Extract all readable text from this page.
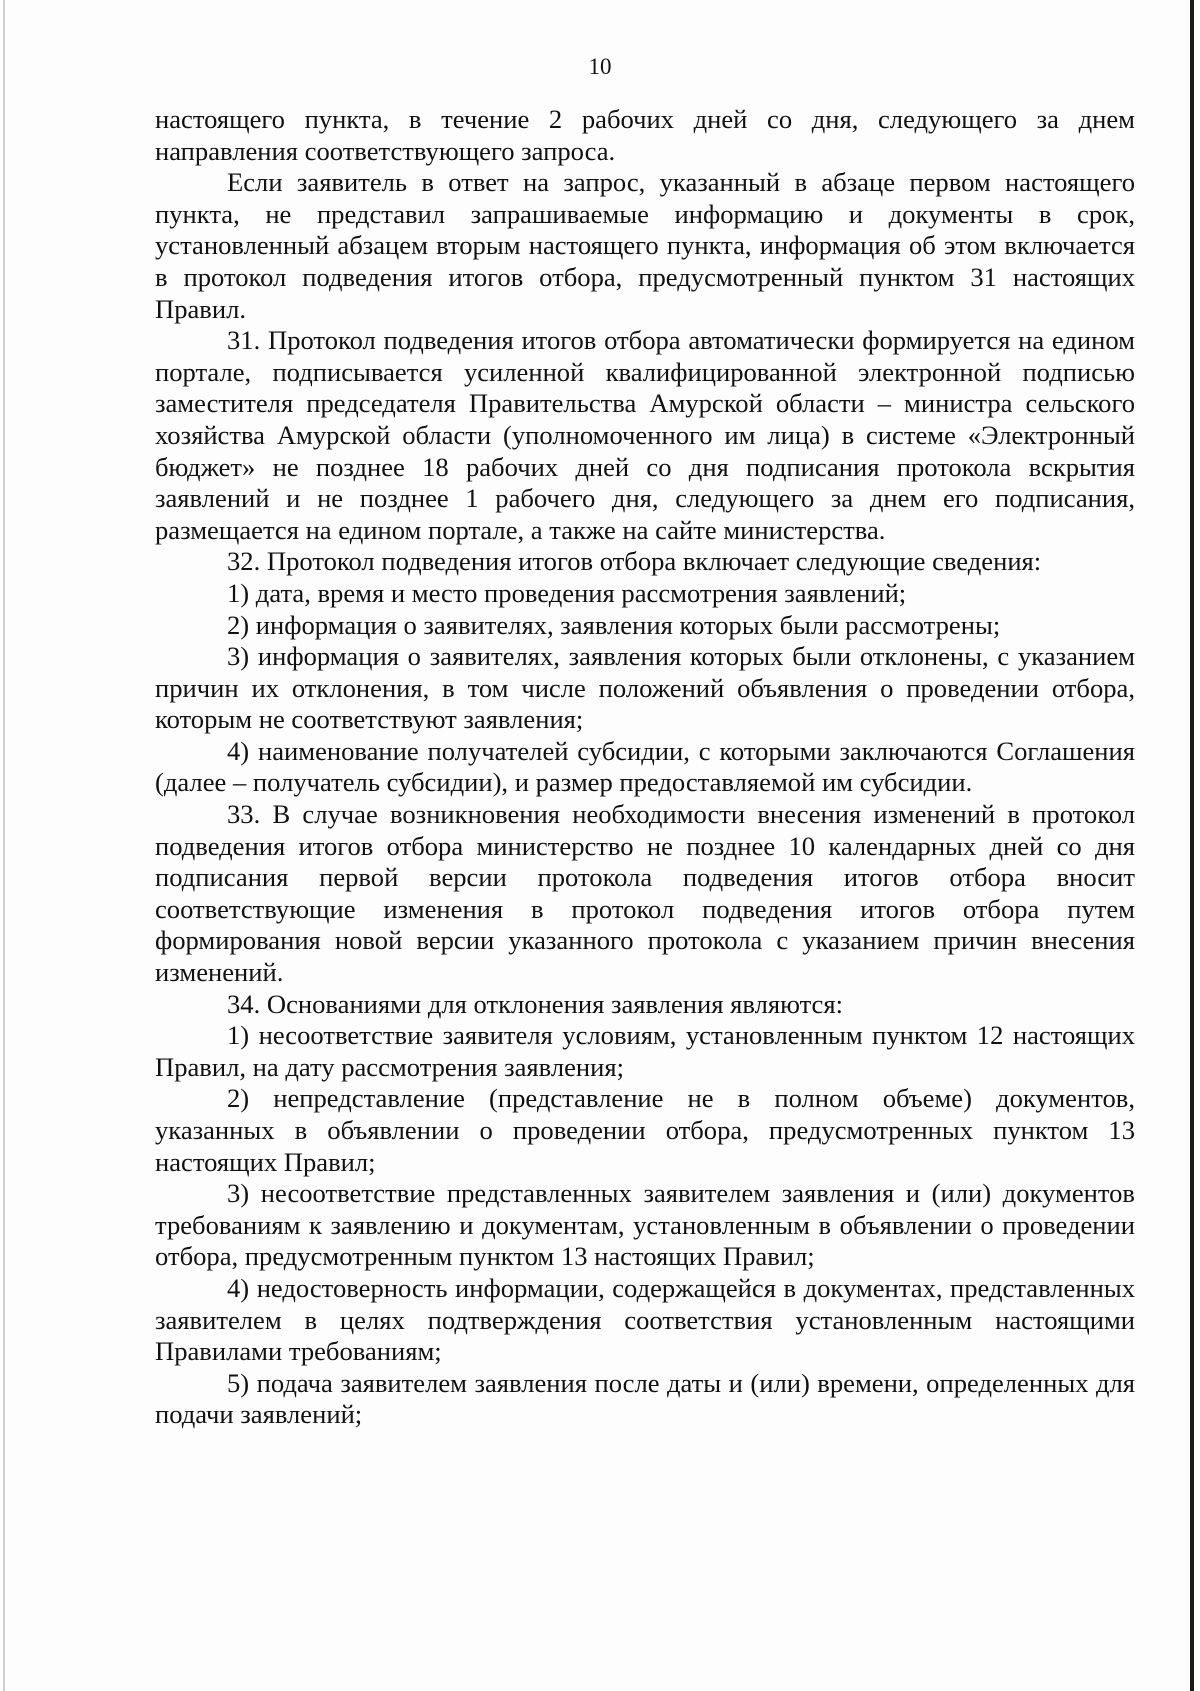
10

настоящего пункта, в течение 2 рабочих дней со дня, следующего за днем направления соответствующего запроса.

Если заявитель в ответ на запрос, указанный в абзаце первом настоящего пункта, не представил запрашиваемые информацию и документы в срок, установленный абзацем вторым настоящего пункта, информация об этом включается в протокол подведения итогов отбора, предусмотренный пунктом 31 настоящих Правил.

31. Протокол подведения итогов отбора автоматически формируется на едином портале, подписывается усиленной квалифицированной электронной подписью заместителя председателя Правительства Амурской области – министра сельского хозяйства Амурской области (уполномоченного им лица) в системе «Электронный бюджет» не позднее 18 рабочих дней со дня подписания протокола вскрытия заявлений и не позднее 1 рабочего дня, следующего за днем его подписания, размещается на едином портале, а также на сайте министерства.

32. Протокол подведения итогов отбора включает следующие сведения:

1) дата, время и место проведения рассмотрения заявлений;

2) информация о заявителях, заявления которых были рассмотрены;

3) информация о заявителях, заявления которых были отклонены, с указанием причин их отклонения, в том числе положений объявления о проведении отбора, которым не соответствуют заявления;

4) наименование получателей субсидии, с которыми заключаются Соглашения (далее – получатель субсидии), и размер предоставляемой им субсидии.

33. В случае возникновения необходимости внесения изменений в протокол подведения итогов отбора министерство не позднее 10 календарных дней со дня подписания первой версии протокола подведения итогов отбора вносит соответствующие изменения в протокол подведения итогов отбора путем формирования новой версии указанного протокола с указанием причин внесения изменений.

34. Основаниями для отклонения заявления являются:

1) несоответствие заявителя условиям, установленным пунктом 12 настоящих Правил, на дату рассмотрения заявления;

2) непредставление (представление не в полном объеме) документов, указанных в объявлении о проведении отбора, предусмотренных пунктом 13 настоящих Правил;

3) несоответствие представленных заявителем заявления и (или) документов требованиям к заявлению и документам, установленным в объявлении о проведении отбора, предусмотренным пунктом 13 настоящих Правил;

4) недостоверность информации, содержащейся в документах, представленных заявителем в целях подтверждения соответствия установленным настоящими Правилами требованиям;

5) подача заявителем заявления после даты и (или) времени, определенных для подачи заявлений;
